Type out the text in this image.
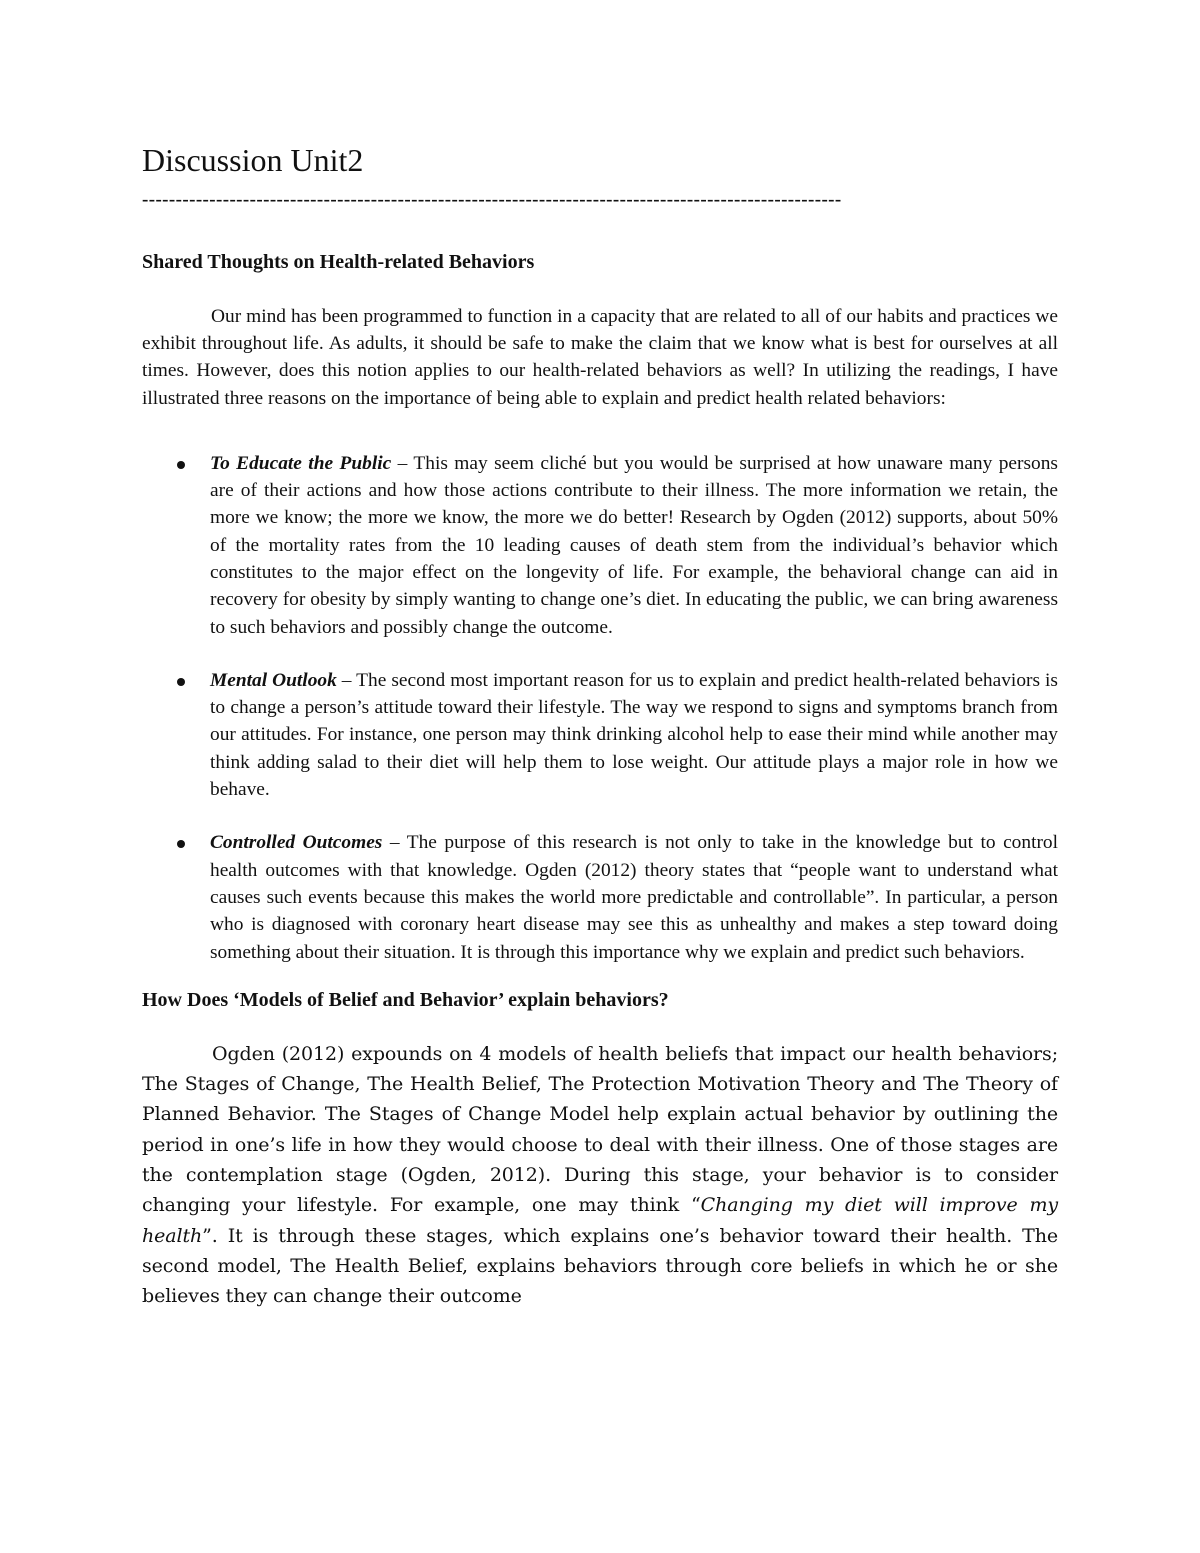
Discussion Unit2
--------------------------------------------------------------------------------------------------------
Shared Thoughts on Health-related Behaviors

Our mind has been programmed to function in a capacity that are related to all of our habits and practices we exhibit throughout life. As adults, it should be safe to make the claim that we know what is best for ourselves at all times. However, does this notion applies to our health-related behaviors as well? In utilizing the readings, I have illustrated three reasons on the importance of being able to explain and predict health related behaviors:

To Educate the Public – This may seem cliché but you would be surprised at how unaware many persons are of their actions and how those actions contribute to their illness. The more information we retain, the more we know; the more we know, the more we do better! Research by Ogden (2012) supports, about 50% of the mortality rates from the 10 leading causes of death stem from the individual’s behavior which constitutes to the major effect on the longevity of life. For example, the behavioral change can aid in recovery for obesity by simply wanting to change one’s diet. In educating the public, we can bring awareness to such behaviors and possibly change the outcome.
Mental Outlook – The second most important reason for us to explain and predict health-related behaviors is to change a person’s attitude toward their lifestyle. The way we respond to signs and symptoms branch from our attitudes. For instance, one person may think drinking alcohol help to ease their mind while another may think adding salad to their diet will help them to lose weight. Our attitude plays a major role in how we behave.
Controlled Outcomes – The purpose of this research is not only to take in the knowledge but to control health outcomes with that knowledge. Ogden (2012) theory states that “people want to understand what causes such events because this makes the world more predictable and controllable”. In particular, a person who is diagnosed with coronary heart disease may see this as unhealthy and makes a step toward doing something about their situation. It is through this importance why we explain and predict such behaviors.
How Does ‘Models of Belief and Behavior’ explain behaviors?

Ogden (2012) expounds on 4 models of health beliefs that impact our health behaviors; The Stages of Change, The Health Belief, The Protection Motivation Theory and The Theory of Planned Behavior. The Stages of Change Model help explain actual behavior by outlining the period in one’s life in how they would choose to deal with their illness. One of those stages are the contemplation stage (Ogden, 2012). During this stage, your behavior is to consider changing your lifestyle. For example, one may think “Changing my diet will improve my health”. It is through these stages, which explains one’s behavior toward their health. The second model, The Health Belief, explains behaviors through core beliefs in which he or she believes they can change their outcome
